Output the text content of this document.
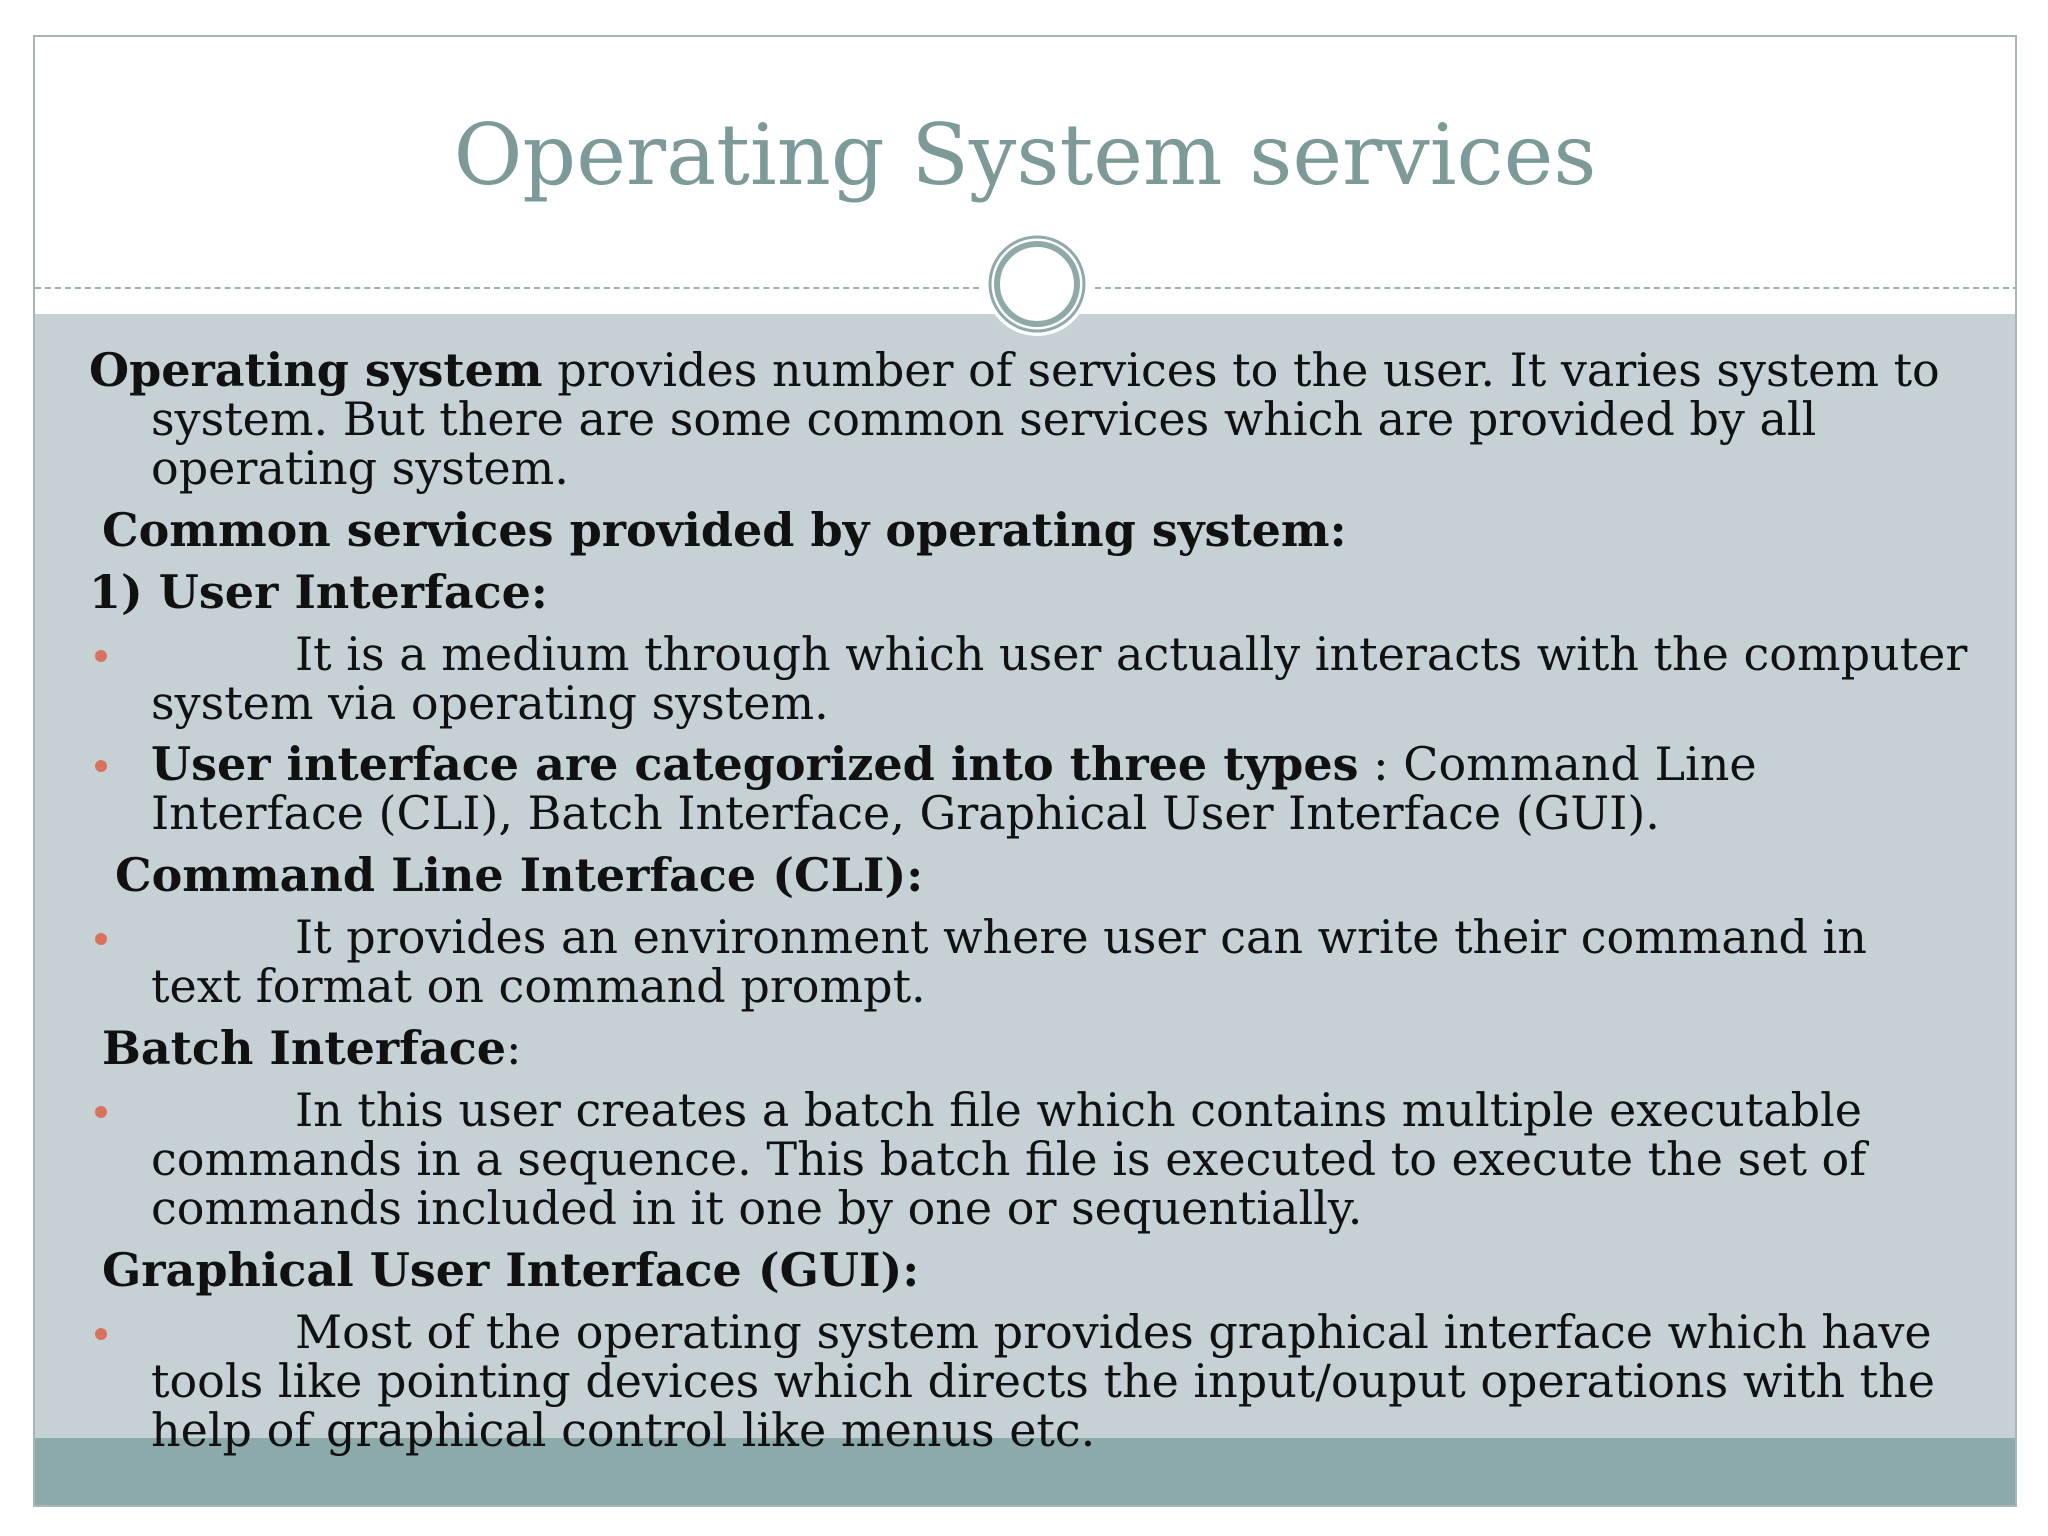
Operating System services

Operating system provides number of services to the user. It varies system to system. But there are some common services which are provided by all operating system.

Common services provided by operating system:

1) User Interface:

It is a medium through which user actually interacts with the computer system via operating system.
User interface are categorized into three types : Command Line Interface (CLI), Batch Interface, Graphical User Interface (GUI).

Command Line Interface (CLI):

It provides an environment where user can write their command in text format on command prompt.

Batch Interface:

In this user creates a batch file which contains multiple executable commands in a sequence. This batch file is executed to execute the set of commands included in it one by one or sequentially.

Graphical User Interface (GUI):

Most of the operating system provides graphical interface which have tools like pointing devices which directs the input/ouput operations with the help of graphical control like menus etc.
